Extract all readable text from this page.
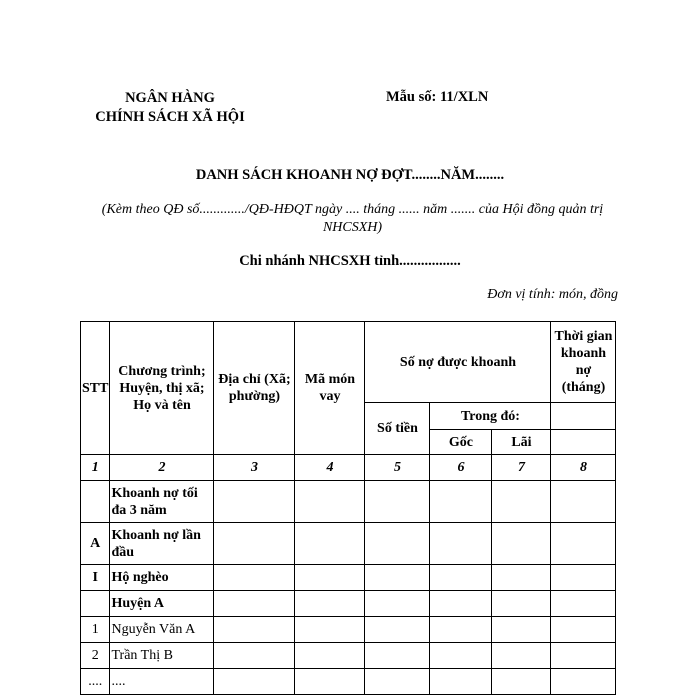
NGÂN HÀNG
CHÍNH SÁCH XÃ HỘI
Mẫu số: 11/XLN
DANH SÁCH KHOANH NỢ ĐỢT........NĂM........
(Kèm theo QĐ số............./QĐ-HĐQT ngày .... tháng ...... năm ....... của Hội đồng quản trị NHCSXH)
Chi nhánh NHCSXH tỉnh.................
Đơn vị tính: món, đồng
STT	Chương trình; Huyện, thị xã; Họ và tên	Địa chỉ (Xã; phường)	Mã món vay	Số nợ được khoanh			Thời gian khoanh nợ (tháng)
				Số tiền	Trong đó:		
					Gốc	Lãi	
1	2	3	4	5	6	7	8
	Khoanh nợ tối đa 3 năm						
A	Khoanh nợ lần đầu						
I	Hộ nghèo						
	Huyện A						
1	Nguyễn Văn A						
2	Trần Thị B						
....	....						
